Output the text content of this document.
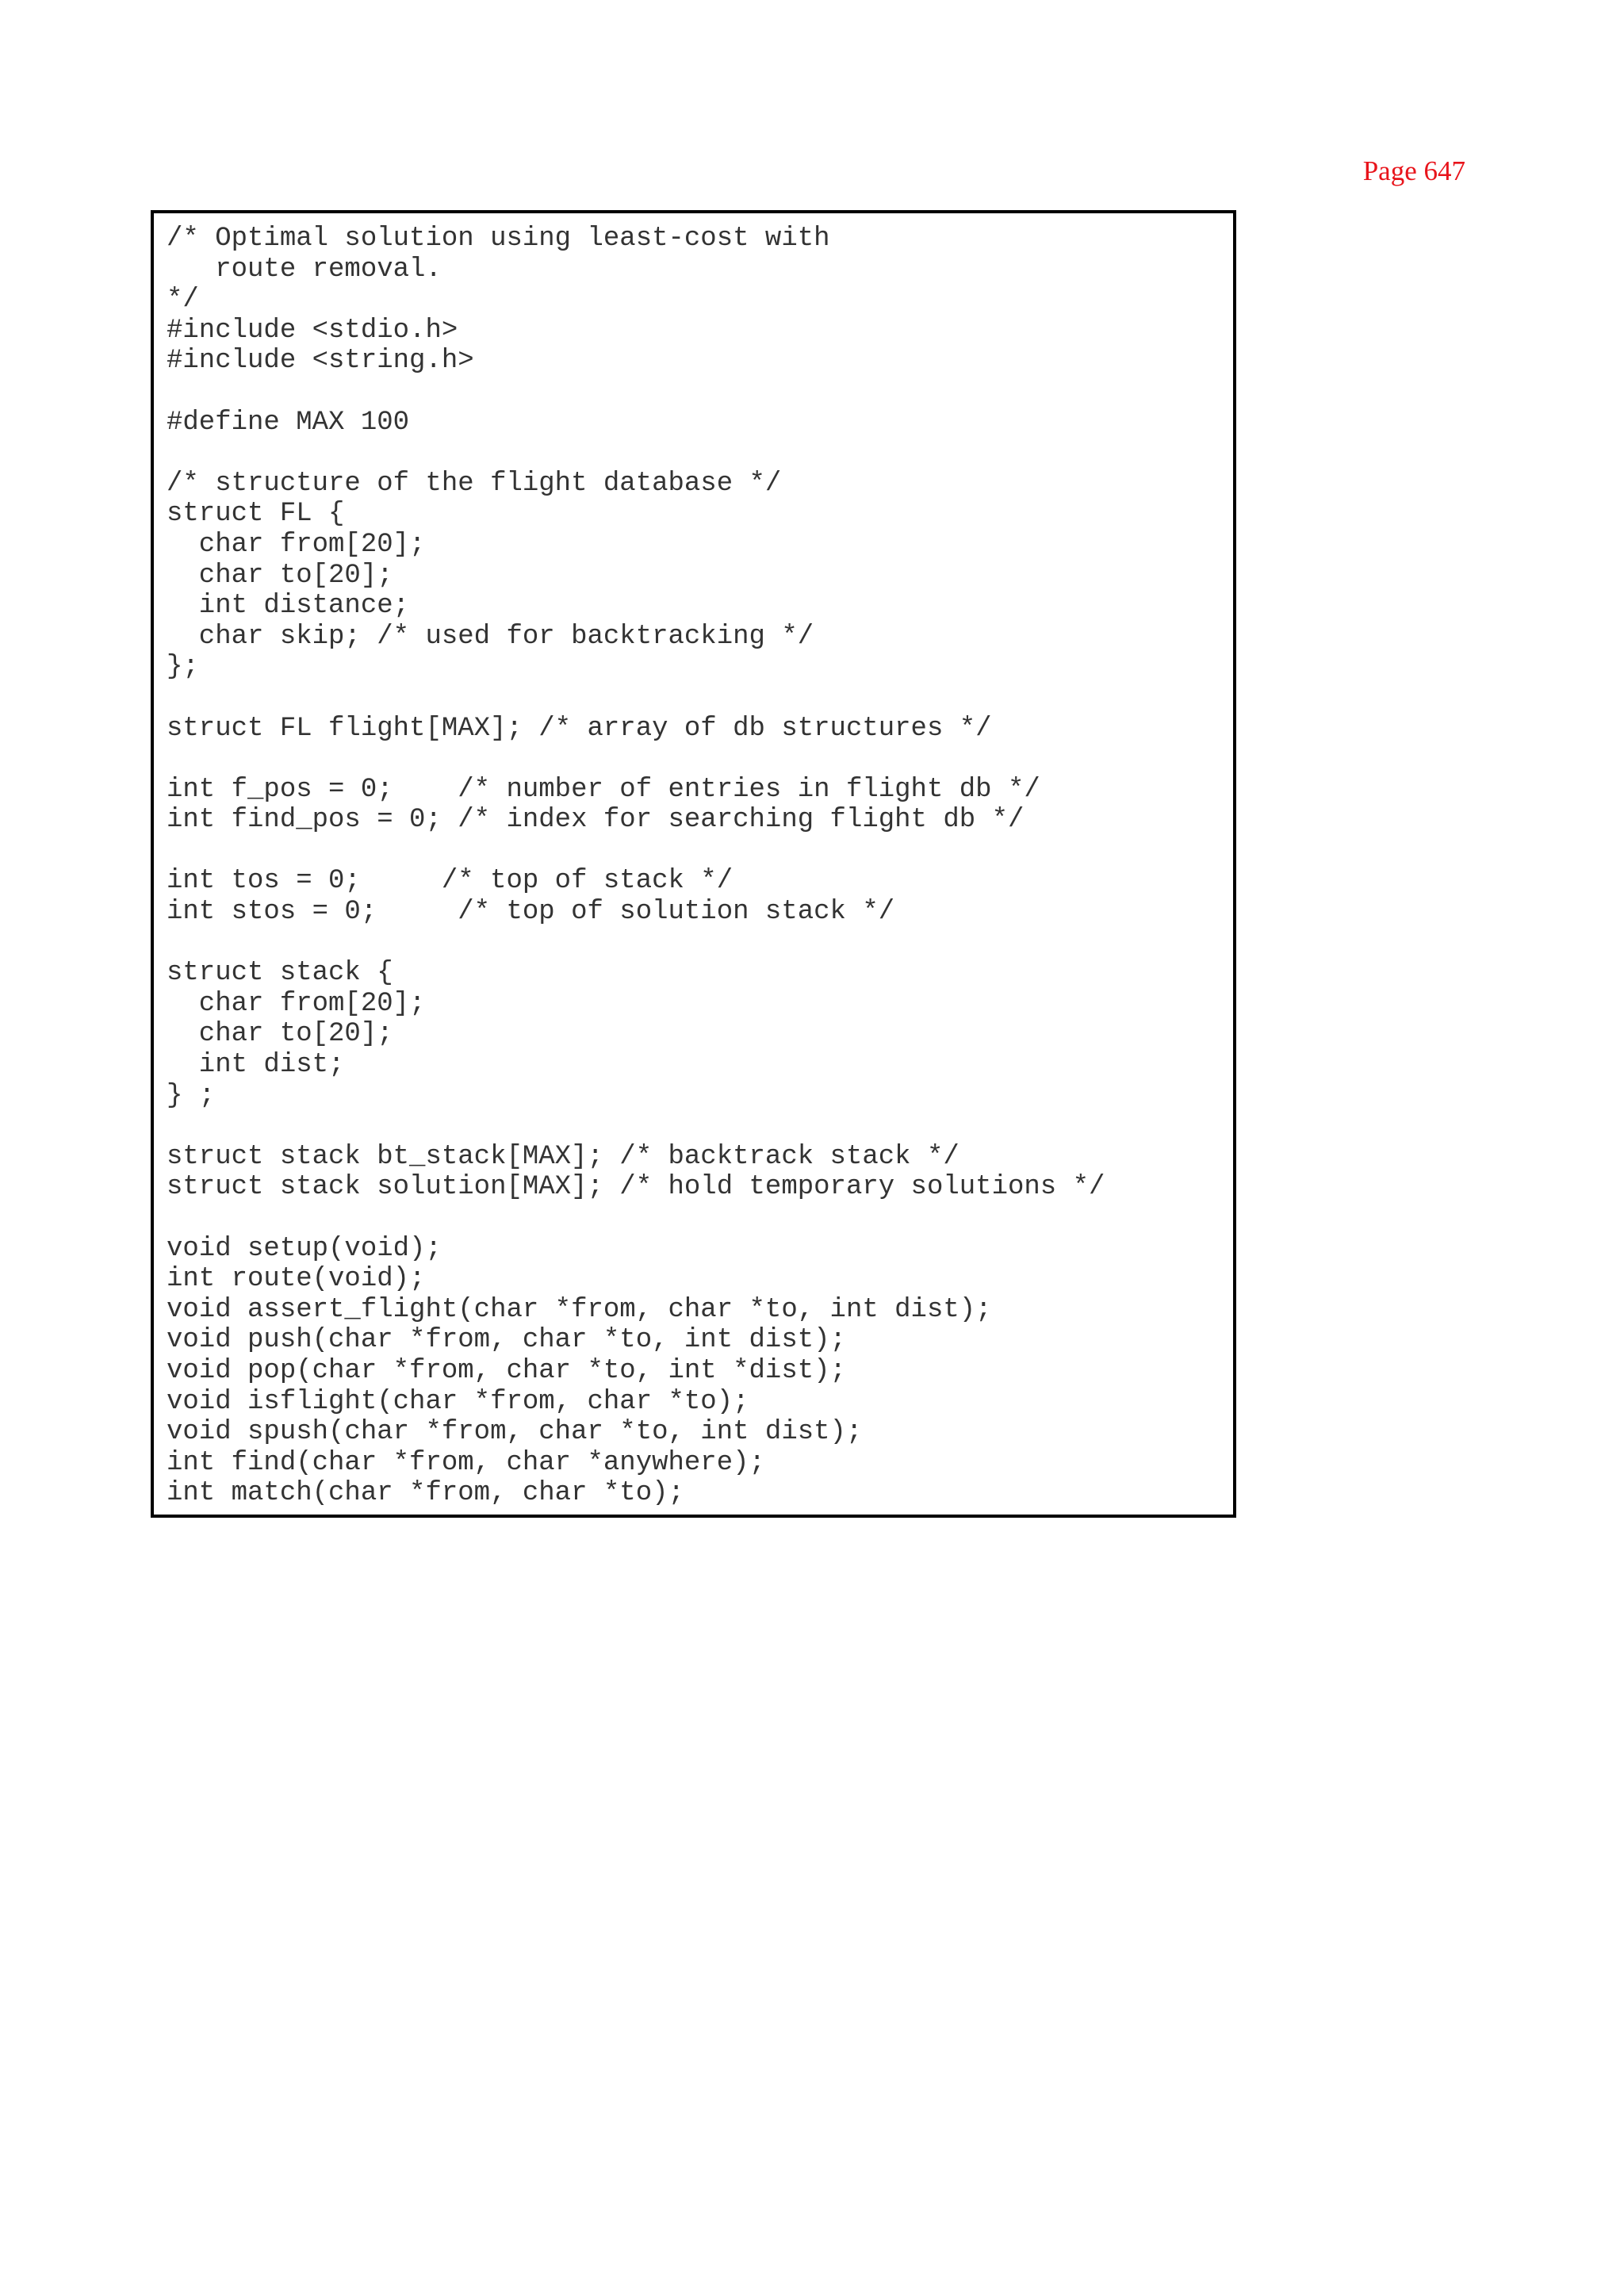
Page 647
/* Optimal solution using least-cost with
route removal.
*/
#include <stdio.h>
#include <string.h>
#define MAX 100
/* structure of the flight database */
struct FL {
char from[20];
char to[20];
int distance;
char skip; /* used for backtracking */
};
struct FL flight[MAX]; /* array of db structures */
int f_pos = 0;    /* number of entries in flight db */
int find_pos = 0; /* index for searching flight db */
int tos = 0;     /* top of stack */
int stos = 0;     /* top of solution stack */
struct stack {
char from[20];
char to[20];
int dist;
} ;
struct stack bt_stack[MAX]; /* backtrack stack */
struct stack solution[MAX]; /* hold temporary solutions */
void setup(void);
int route(void);
void assert_flight(char *from, char *to, int dist);
void push(char *from, char *to, int dist);
void pop(char *from, char *to, int *dist);
void isflight(char *from, char *to);
void spush(char *from, char *to, int dist);
int find(char *from, char *anywhere);
int match(char *from, char *to);
